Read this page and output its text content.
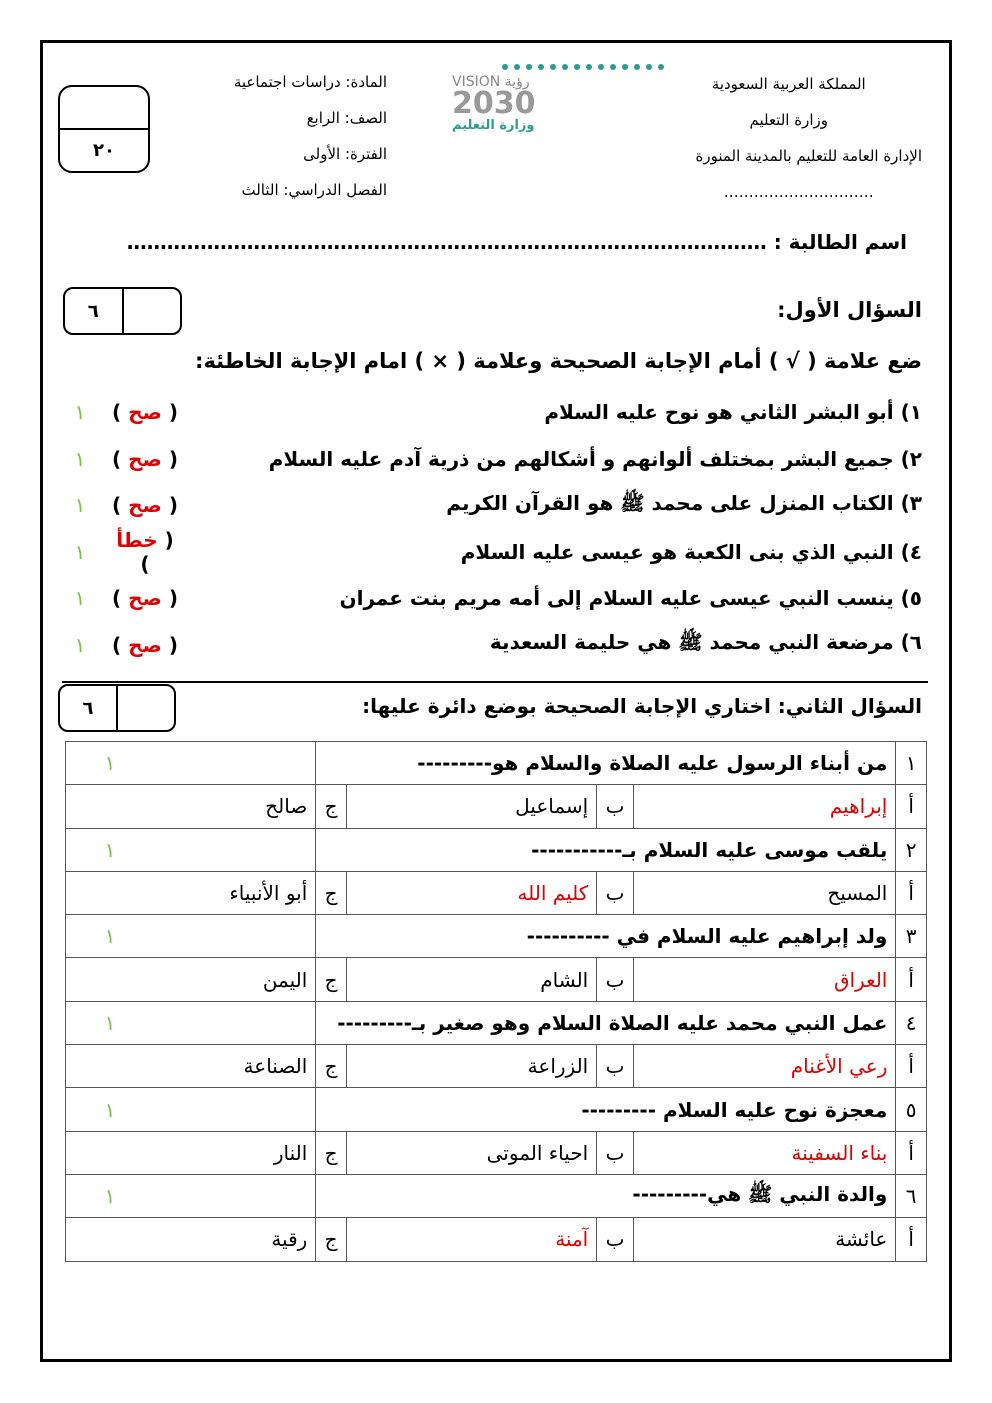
المملكة العربية السعودية
وزارة التعليم
الإدارة العامة للتعليم بالمدينة المنورة
…………………………
VISION رؤية
2030
وزارة التعليم
المادة: دراسات اجتماعية
الصف: الرابع
الفترة: الأولى
الفصل الدراسي: الثالث
٢٠
اسم الطالبة : ……………………………………………………………………………………
السؤال الأول:
٦
ضع علامة ( √ ) أمام الإجابة الصحيحة وعلامة ( × ) امام الإجابة الخاطئة:
١) أبو البشر الثاني هو نوح عليه السلام
( صح )
١
٢) جميع البشر بمختلف ألوانهم و أشكالهم من ذرية آدم عليه السلام
( صح )
١
٣) الكتاب المنزل على محمد ﷺ هو القرآن الكريم
( صح )
١
٤) النبي الذي بنى الكعبة هو عيسى عليه السلام
( خطأ )
١
٥) ينسب النبي عيسى عليه السلام إلى أمه مريم بنت عمران
( صح )
١
٦) مرضعة النبي محمد ﷺ هي حليمة السعدية
( صح )
١
السؤال الثاني: اختاري الإجابة الصحيحة بوضع دائرة عليها:
٦
١	من أبناء الرسول عليه الصلاة والسلام هو---------				١
أ	إبراهيم	ب	إسماعيل	ج	صالح
٢	يلقب موسى عليه السلام بـ-----------				١
أ	المسيح	ب	كليم الله	ج	أبو الأنبياء
٣	ولد إبراهيم عليه السلام في ----------				١
أ	العراق	ب	الشام	ج	اليمن
٤	عمل النبي محمد عليه الصلاة السلام وهو صغير بـ---------				١
أ	رعي الأغنام	ب	الزراعة	ج	الصناعة
٥	معجزة نوح عليه السلام ---------				١
أ	بناء السفينة	ب	احياء الموتى	ج	النار
٦	والدة النبي ﷺ هي---------				١
أ	عائشة	ب	آمنة	ج	رقية
